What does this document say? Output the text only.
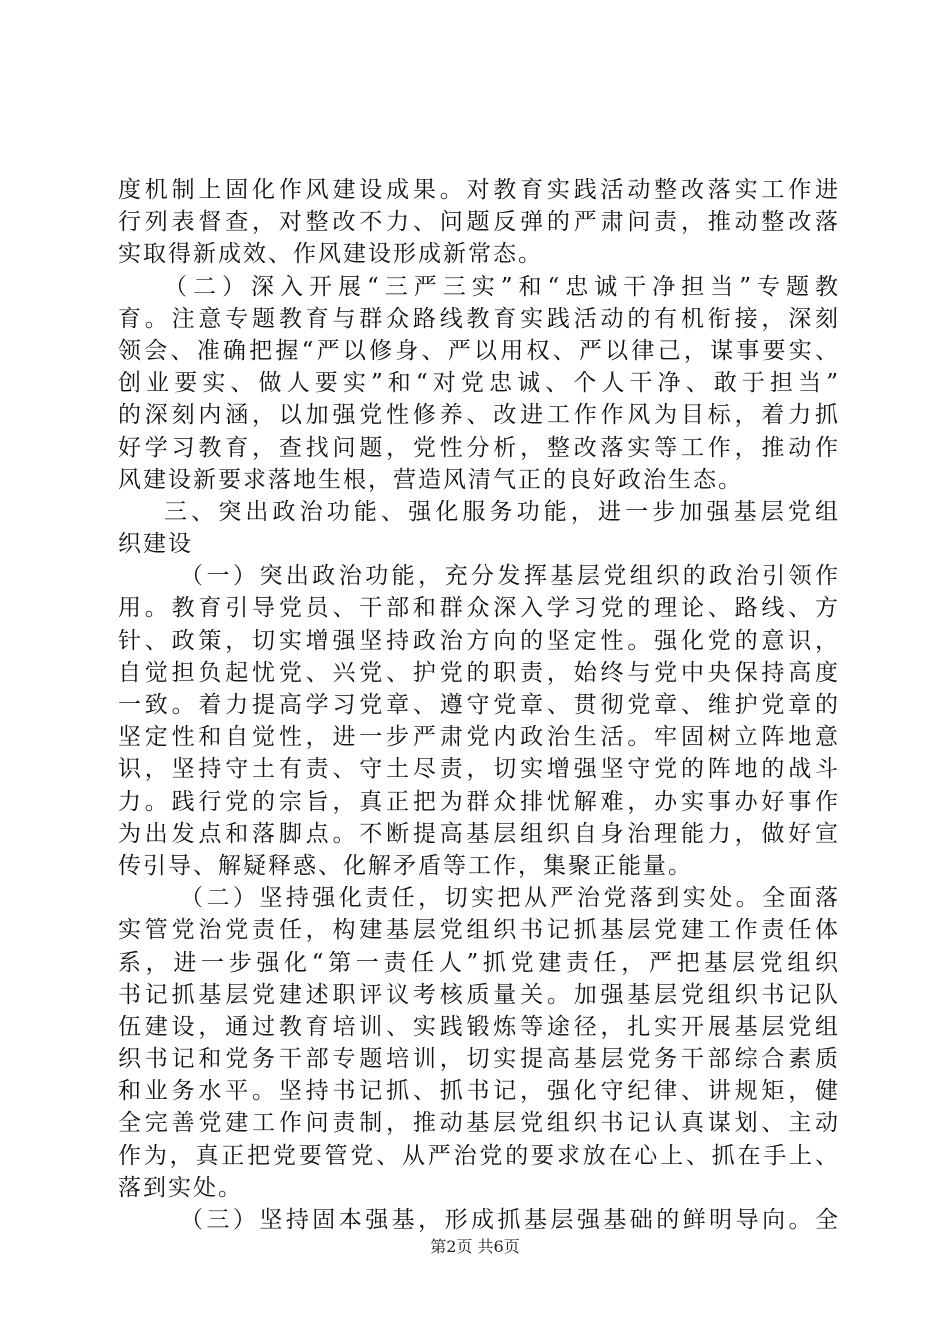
度机制上固化作风建设成果。对教育实践活动整改落实工作进
行列表督查，对整改不力、问题反弹的严肃问责，推动整改落
实取得新成效、作风建设形成新常态。
（二）深入开展“三严三实”和“忠诚干净担当”专题教
育。注意专题教育与群众路线教育实践活动的有机衔接，深刻
领会、准确把握“严以修身、严以用权、严以律己，谋事要实、
创业要实、做人要实”和“对党忠诚、个人干净、敢于担当”
的深刻内涵，以加强党性修养、改进工作作风为目标，着力抓
好学习教育，查找问题，党性分析，整改落实等工作，推动作
风建设新要求落地生根，营造风清气正的良好政治生态。
三、突出政治功能、强化服务功能，进一步加强基层党组
织建设
（一）突出政治功能，充分发挥基层党组织的政治引领作
用。教育引导党员、干部和群众深入学习党的理论、路线、方
针、政策，切实增强坚持政治方向的坚定性。强化党的意识，
自觉担负起忧党、兴党、护党的职责，始终与党中央保持高度
一致。着力提高学习党章、遵守党章、贯彻党章、维护党章的
坚定性和自觉性，进一步严肃党内政治生活。牢固树立阵地意
识，坚持守土有责、守土尽责，切实增强坚守党的阵地的战斗
力。践行党的宗旨，真正把为群众排忧解难，办实事办好事作
为出发点和落脚点。不断提高基层组织自身治理能力，做好宣
传引导、解疑释惑、化解矛盾等工作，集聚正能量。
（二）坚持强化责任，切实把从严治党落到实处。全面落
实管党治党责任，构建基层党组织书记抓基层党建工作责任体
系，进一步强化“第一责任人”抓党建责任，严把基层党组织
书记抓基层党建述职评议考核质量关。加强基层党组织书记队
伍建设，通过教育培训、实践锻炼等途径，扎实开展基层党组
织书记和党务干部专题培训，切实提高基层党务干部综合素质
和业务水平。坚持书记抓、抓书记，强化守纪律、讲规矩，健
全完善党建工作问责制，推动基层党组织书记认真谋划、主动
作为，真正把党要管党、从严治党的要求放在心上、抓在手上、
落到实处。
（三）坚持固本强基，形成抓基层强基础的鲜明导向。全
第2页 共6页
